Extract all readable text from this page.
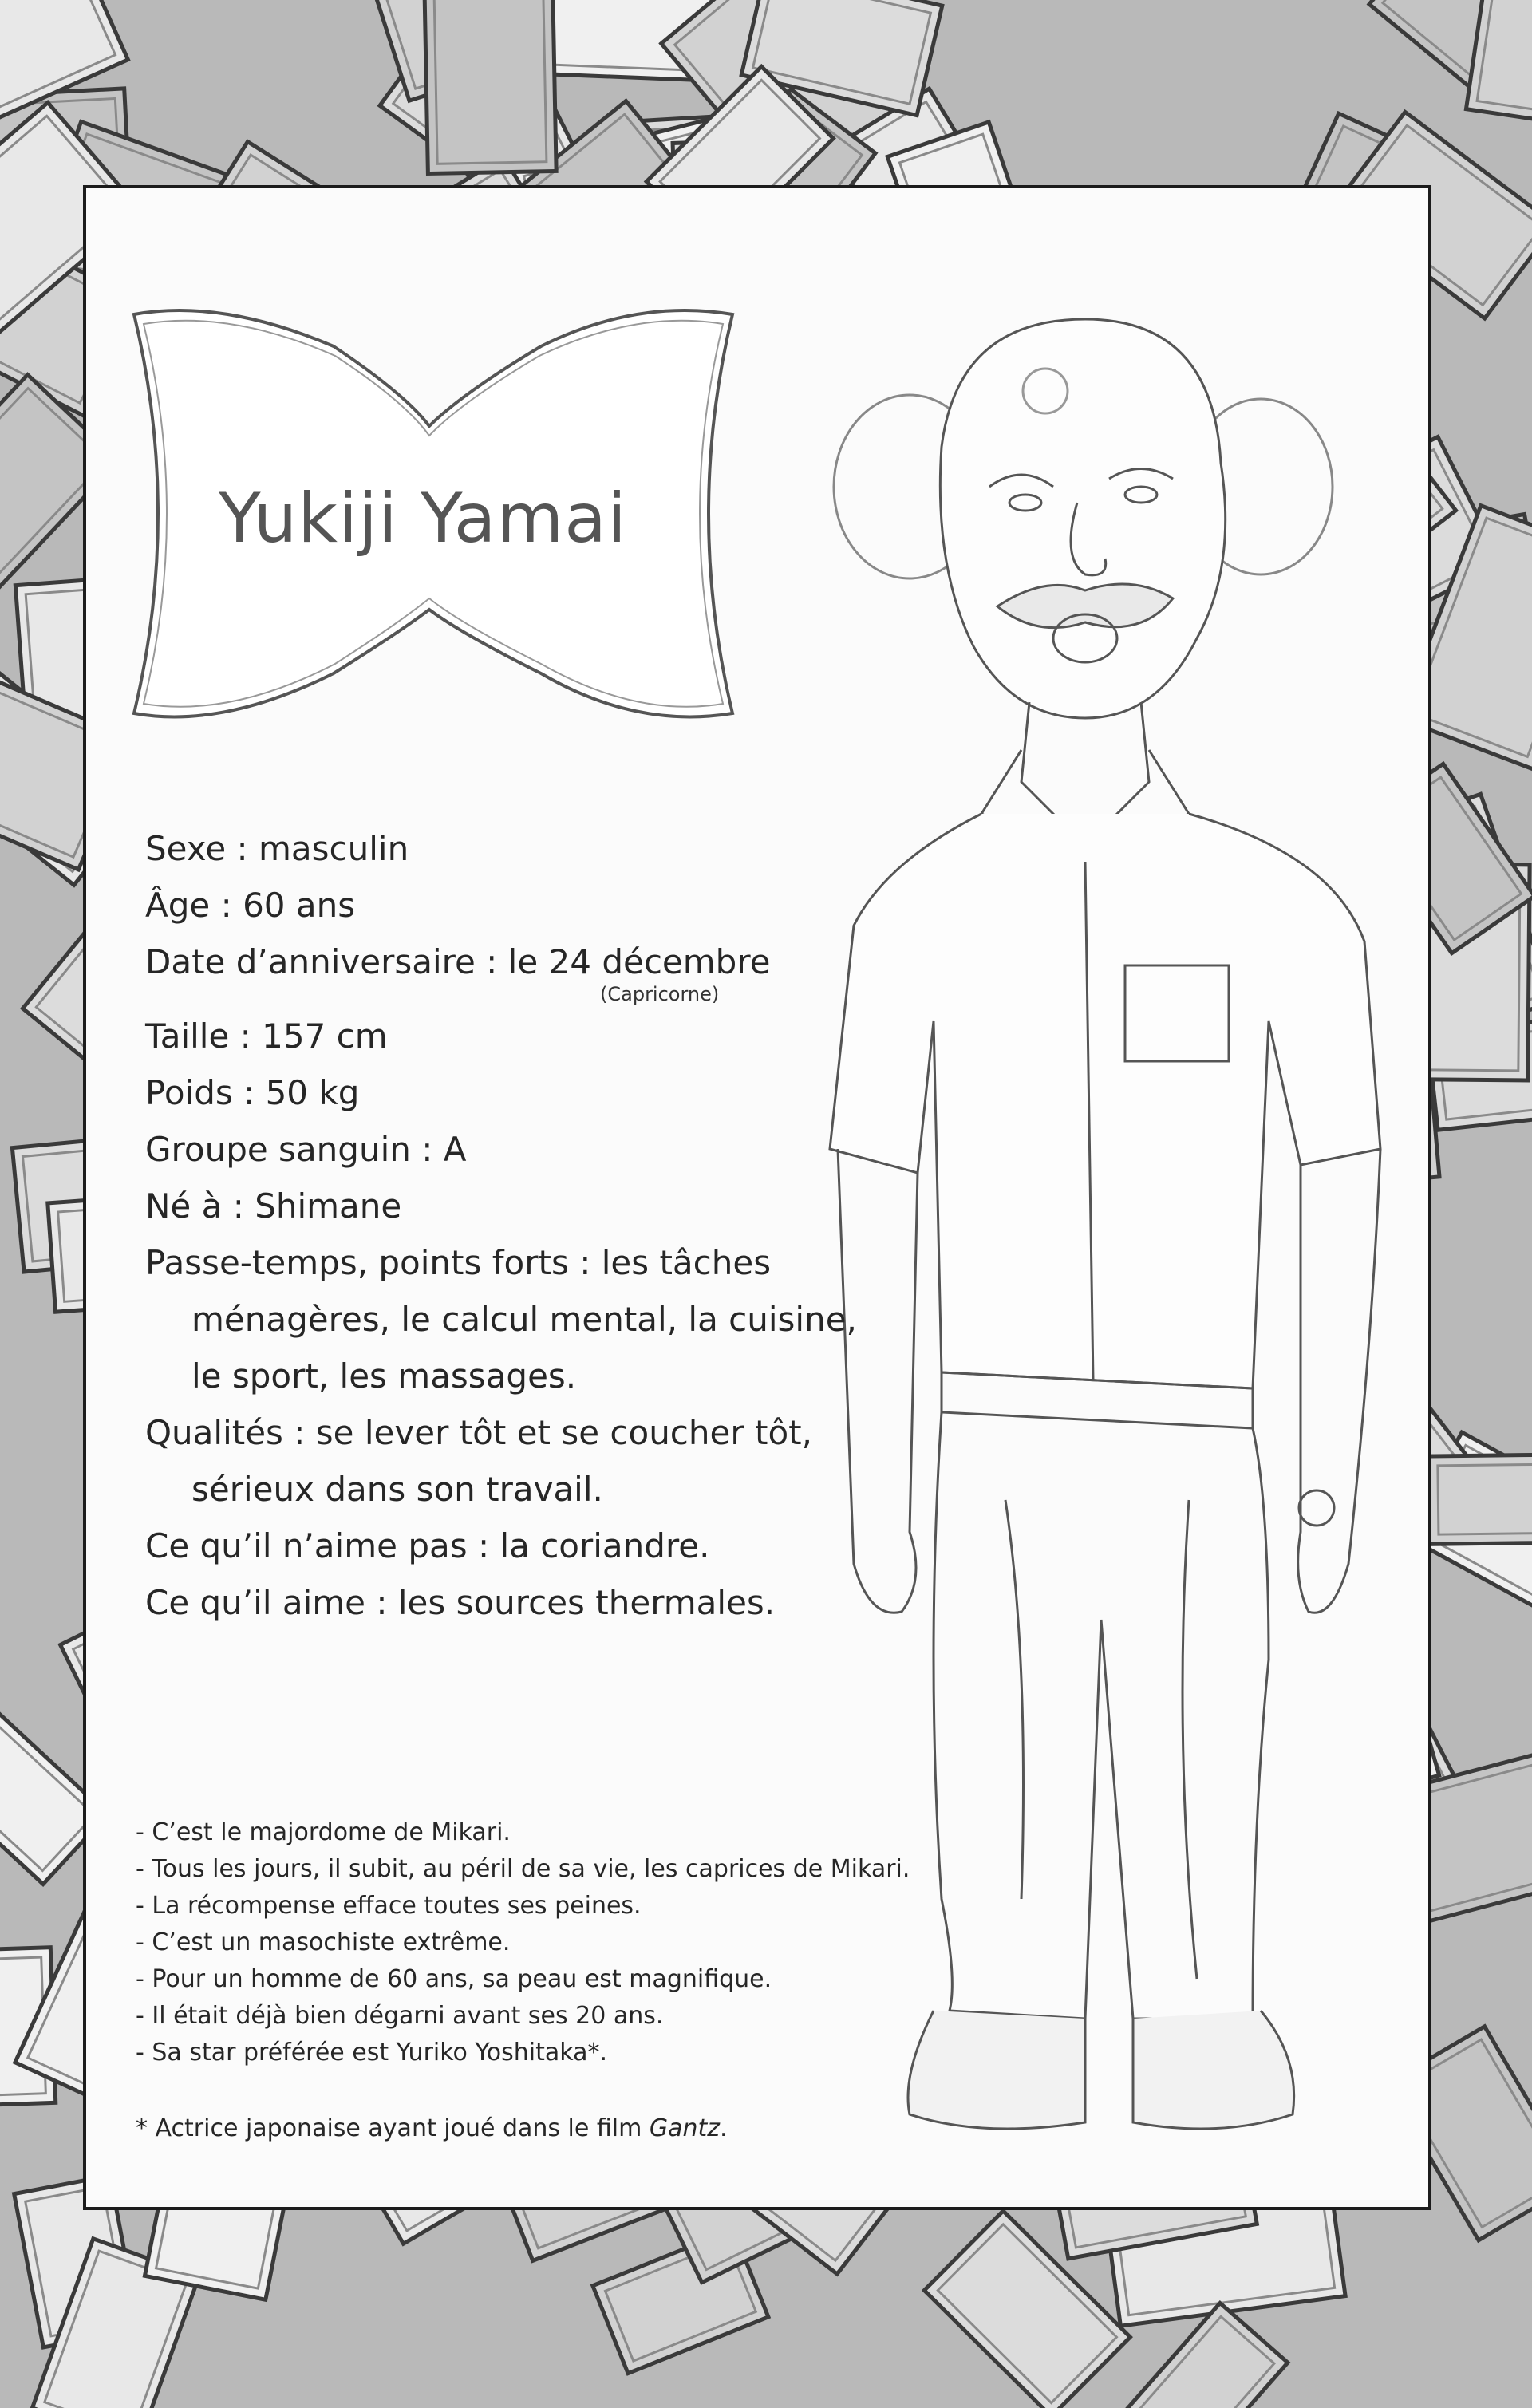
Yukiji Yamai
Sexe : masculin
Âge : 60 ans
Date d’anniversaire : le 24 décembre
(Capricorne)
Taille : 157 cm
Poids : 50 kg
Groupe sanguin : A
Né à : Shimane
Passe-temps, points forts : les tâches
ménagères, le calcul mental, la cuisine,
le sport, les massages.
Qualités : se lever tôt et se coucher tôt,
sérieux dans son travail.
Ce qu’il n’aime pas : la coriandre.
Ce qu’il aime : les sources thermales.
- C’est le majordome de Mikari.
- Tous les jours, il subit, au péril de sa vie, les caprices de Mikari.
- La récompense efface toutes ses peines.
- C’est un masochiste extrême.
- Pour un homme de 60 ans, sa peau est magnifique.
- Il était déjà bien dégarni avant ses 20 ans.
- Sa star préférée est Yuriko Yoshitaka*.
* Actrice japonaise ayant joué dans le film Gantz.
